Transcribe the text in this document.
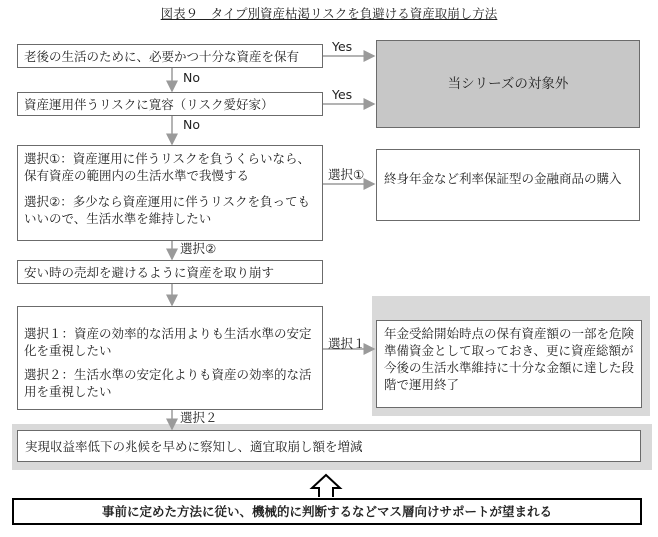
図表９　タイプ別資産枯渇リスクを負避ける資産取崩し方法
老後の生活のために、必要かつ十分な資産を保有
当シリーズの対象外
資産運用伴うリスクに寛容（リスク愛好家）
選択①：資産運用に伴うリスクを負うくらいなら、保有資産の範囲内の生活水準で我慢する
選択②：多少なら資産運用に伴うリスクを負ってもいいので、生活水準を維持したい
終身年金など利率保証型の金融商品の購入
安い時の売却を避けるように資産を取り崩す
選択１：資産の効率的な活用よりも生活水準の安定化を重視したい
選択２：生活水準の安定化よりも資産の効率的な活用を重視したい
年金受給開始時点の保有資産額の一部を危険準備資金として取っておき、更に資産総額が今後の生活水準維持に十分な金額に達した段階で運用終了
実現収益率低下の兆候を早めに察知し、適宜取崩し額を増減
Yes
Yes
No
No
選択①
選択②
選択１
選択２
事前に定めた方法に従い、機械的に判断するなどマス層向けサポートが望まれる
